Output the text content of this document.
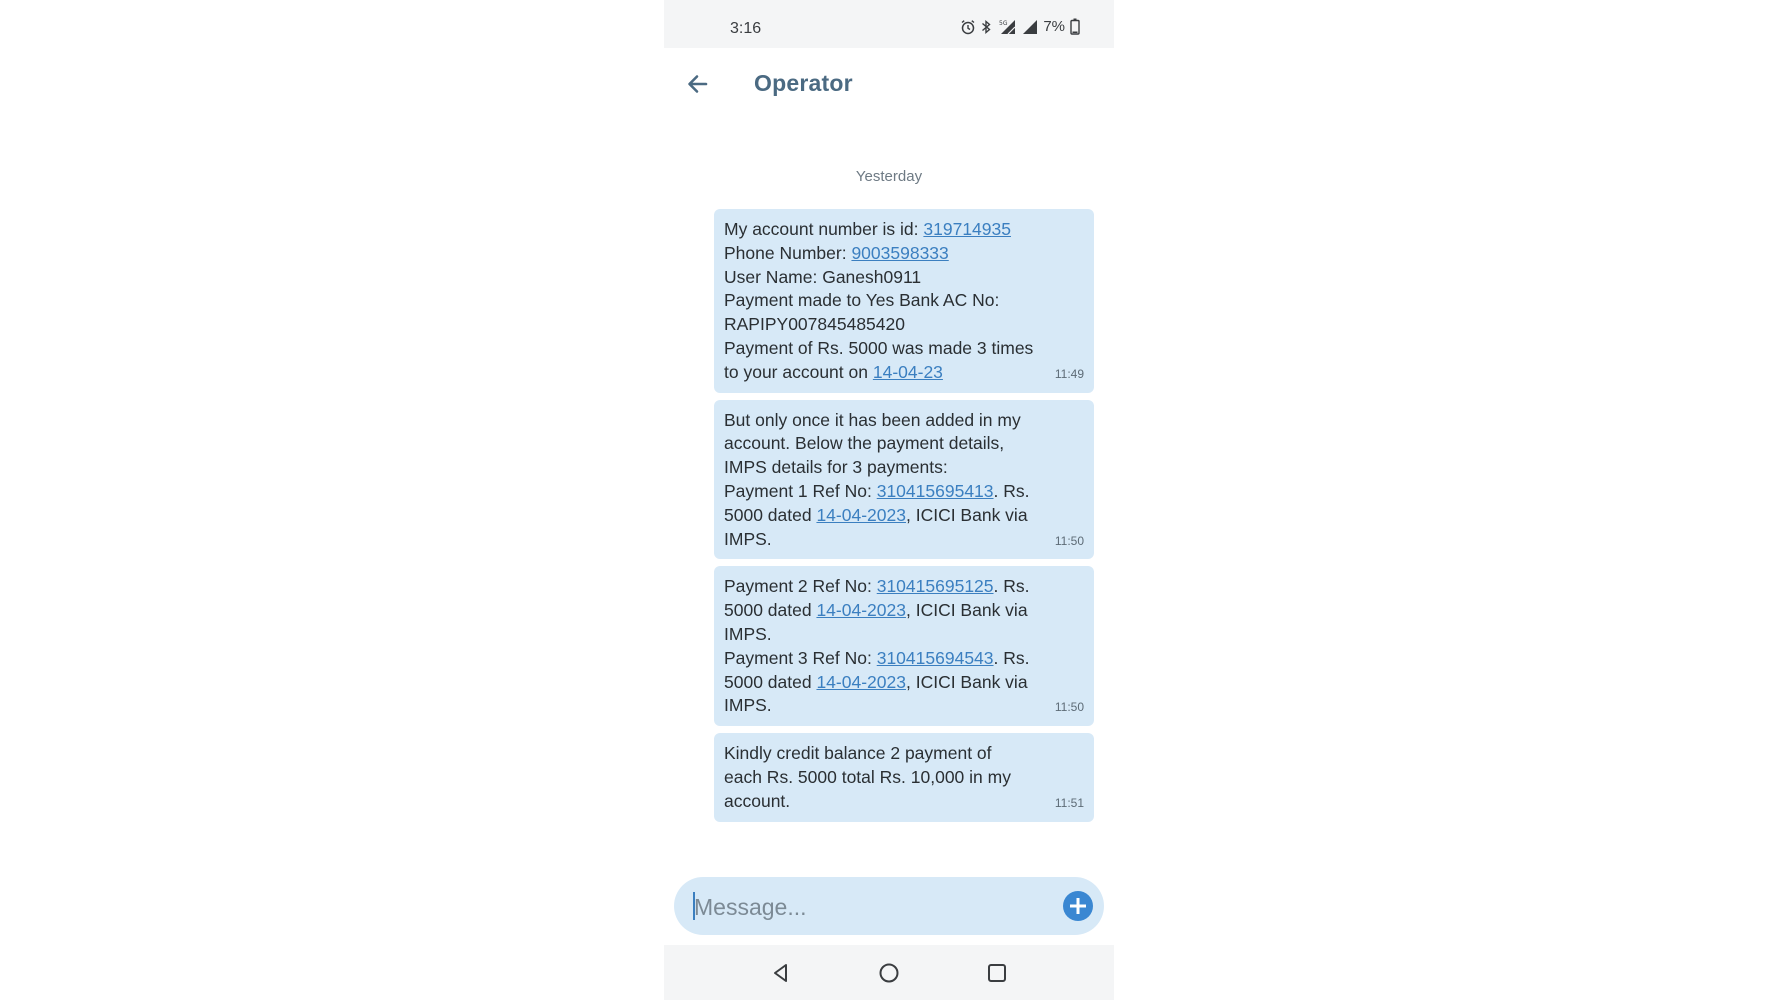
3:16	5G 7%
Operator
Yesterday
My account number is id: 319714935
Phone Number: 9003598333
User Name: Ganesh0911
Payment made to Yes Bank AC No:
RAPIPY007845485420
Payment of Rs. 5000 was made 3 times
to your account on 14-04-23	11:49
But only once it has been added in my
account. Below the payment details,
IMPS details for 3 payments:
Payment 1 Ref No: 310415695413. Rs.
5000 dated 14-04-2023, ICICI Bank via
IMPS.	11:50
Payment 2 Ref No: 310415695125. Rs.
5000 dated 14-04-2023, ICICI Bank via
IMPS.
Payment 3 Ref No: 310415694543. Rs.
5000 dated 14-04-2023, ICICI Bank via
IMPS.	11:50
Kindly credit balance 2 payment of
each Rs. 5000 total Rs. 10,000 in my
account.	11:51
Message...
